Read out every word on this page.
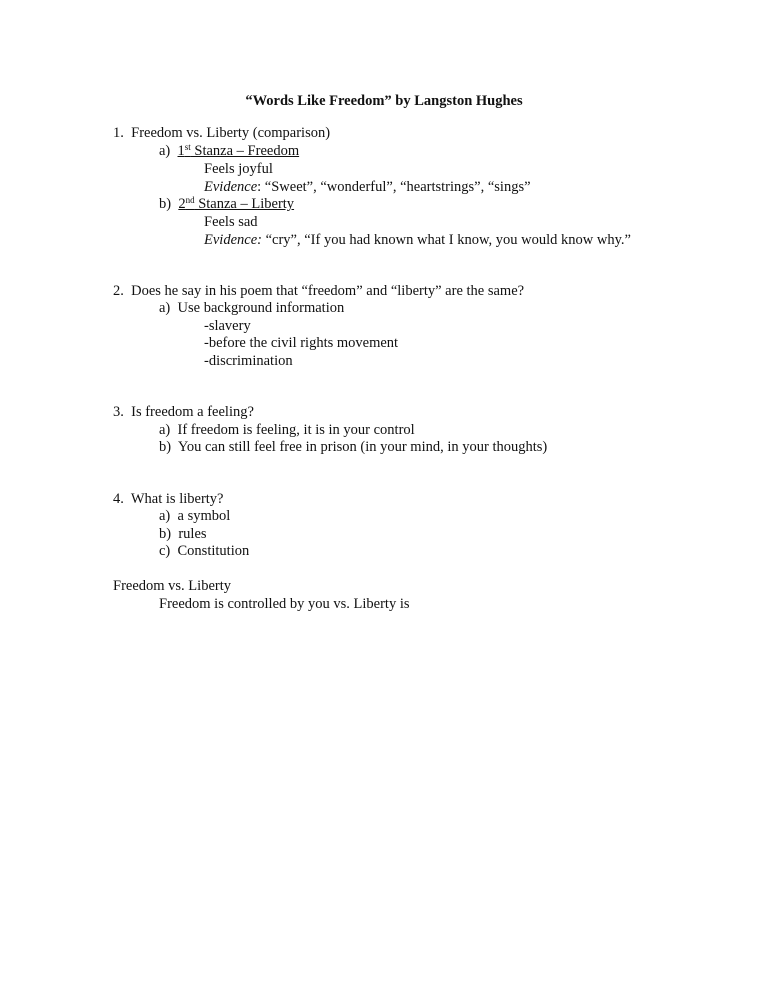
“Words Like Freedom” by Langston Hughes
1. Freedom vs. Liberty (comparison)
a) 1st Stanza – Freedom
Feels joyful
Evidence: “Sweet”, “wonderful”, “heartstrings”, “sings”
b) 2nd Stanza – Liberty
Feels sad
Evidence: “cry”, “If you had known what I know, you would know why.”
2. Does he say in his poem that “freedom” and “liberty” are the same?
a) Use background information
-slavery
-before the civil rights movement
-discrimination
3. Is freedom a feeling?
a) If freedom is feeling, it is in your control
b) You can still feel free in prison (in your mind, in your thoughts)
4. What is liberty?
a) a symbol
b) rules
c) Constitution
Freedom vs. Liberty
Freedom is controlled by you vs. Liberty is
